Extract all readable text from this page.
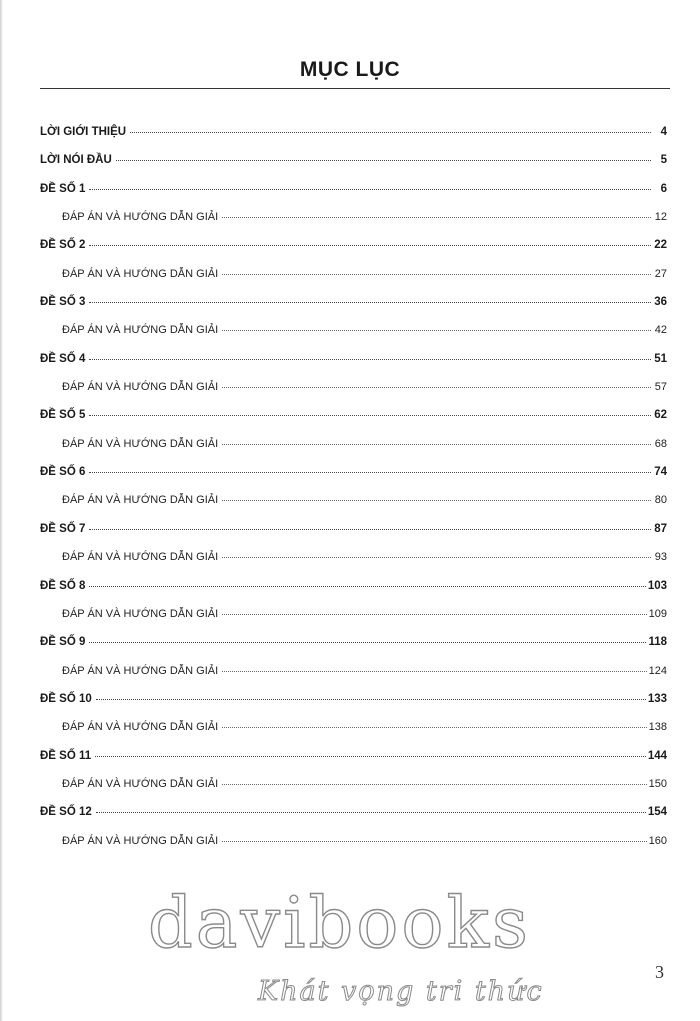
MỤC LỤC
LỜI GIỚI THIỆU	4
LỜI NÓI ĐẦU	5
ĐỀ SỐ 1	6
ĐÁP ÁN VÀ HƯỚNG DẪN GIẢI	12
ĐỀ SỐ 2	22
ĐÁP ÁN VÀ HƯỚNG DẪN GIẢI	27
ĐỀ SỐ 3	36
ĐÁP ÁN VÀ HƯỚNG DẪN GIẢI	42
ĐỀ SỐ 4	51
ĐÁP ÁN VÀ HƯỚNG DẪN GIẢI	57
ĐỀ SỐ 5	62
ĐÁP ÁN VÀ HƯỚNG DẪN GIẢI	68
ĐỀ SỐ 6	74
ĐÁP ÁN VÀ HƯỚNG DẪN GIẢI	80
ĐỀ SỐ 7	87
ĐÁP ÁN VÀ HƯỚNG DẪN GIẢI	93
ĐỀ SỐ 8	103
ĐÁP ÁN VÀ HƯỚNG DẪN GIẢI	109
ĐỀ SỐ 9	118
ĐÁP ÁN VÀ HƯỚNG DẪN GIẢI	124
ĐỀ SỐ 10	133
ĐÁP ÁN VÀ HƯỚNG DẪN GIẢI	138
ĐỀ SỐ 11	144
ĐÁP ÁN VÀ HƯỚNG DẪN GIẢI	150
ĐỀ SỐ 12	154
ĐÁP ÁN VÀ HƯỚNG DẪN GIẢI	160
davibooks
Khát vọng tri thức
3
